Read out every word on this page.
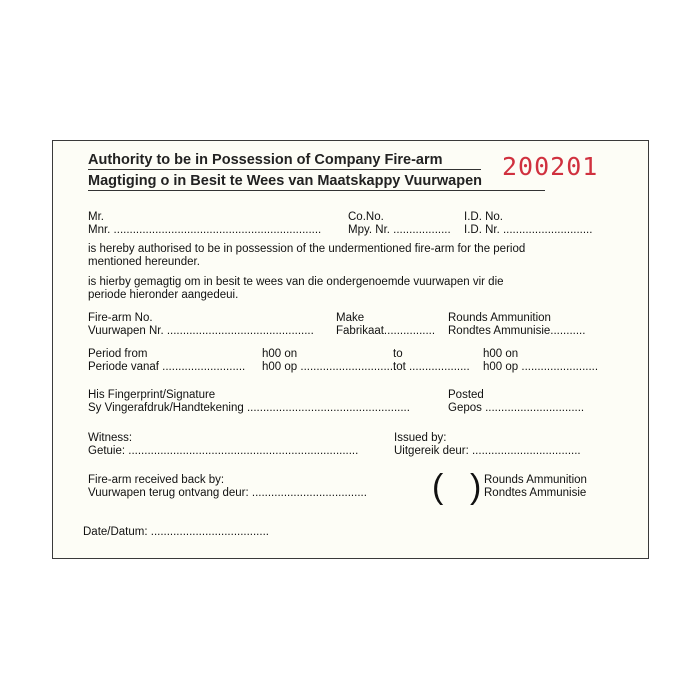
Authority to be in Possession of Company Fire-arm
Magtiging o in Besit te Wees van Maatskappy Vuurwapen 200201
Mr.
Mnr. .................................................................
Co.No.
Mpy. Nr. ..................
I.D. No.
I.D. Nr. ............................
is hereby authorised to be in possession of the undermentioned fire-arm for the period
mentioned hereunder.
is hierby gemagtig om in besit te wees van die ondergenoemde vuurwapen vir die
periode hieronder aangedeui.
Fire-arm No.
Vuurwapen Nr. ..............................................
Make
Fabrikaat................
Rounds Ammunition
Rondtes Ammunisie...........
Period from
Periode vanaf ..........................
h00 on
h00 op ..............................
to
tot ...................
h00 on
h00 op ........................
His Fingerprint/Signature
Sy Vingerafdruk/Handtekening ...................................................
Posted
Gepos ...............................
Witness:
Getuie: ........................................................................
Issued by:
Uitgereik deur: ..................................
Fire-arm received back by:
Vuurwapen terug ontvang deur: .................................... ( ) Rounds Ammunition
Rondtes Ammunisie
Date/Datum: .....................................
